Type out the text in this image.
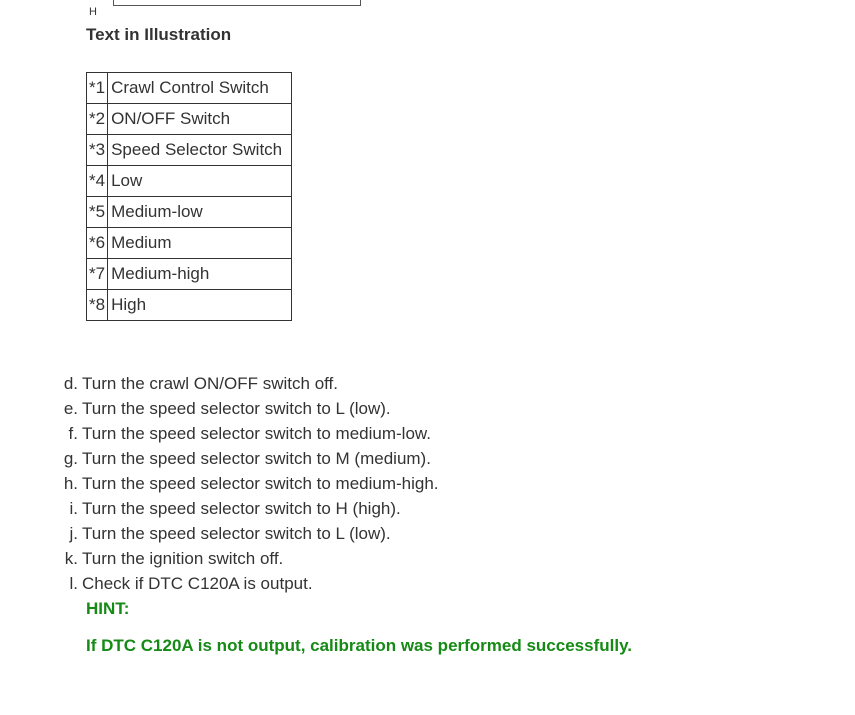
H
Text in Illustration
*1	Crawl Control Switch
*2	ON/OFF Switch
*3	Speed Selector Switch
*4	Low
*5	Medium-low
*6	Medium
*7	Medium-high
*8	High
d. Turn the crawl ON/OFF switch off.
e. Turn the speed selector switch to L (low).
f. Turn the speed selector switch to medium-low.
g. Turn the speed selector switch to M (medium).
h. Turn the speed selector switch to medium-high.
i. Turn the speed selector switch to H (high).
j. Turn the speed selector switch to L (low).
k. Turn the ignition switch off.
l. Check if DTC C120A is output.
HINT:
If DTC C120A is not output, calibration was performed successfully.
